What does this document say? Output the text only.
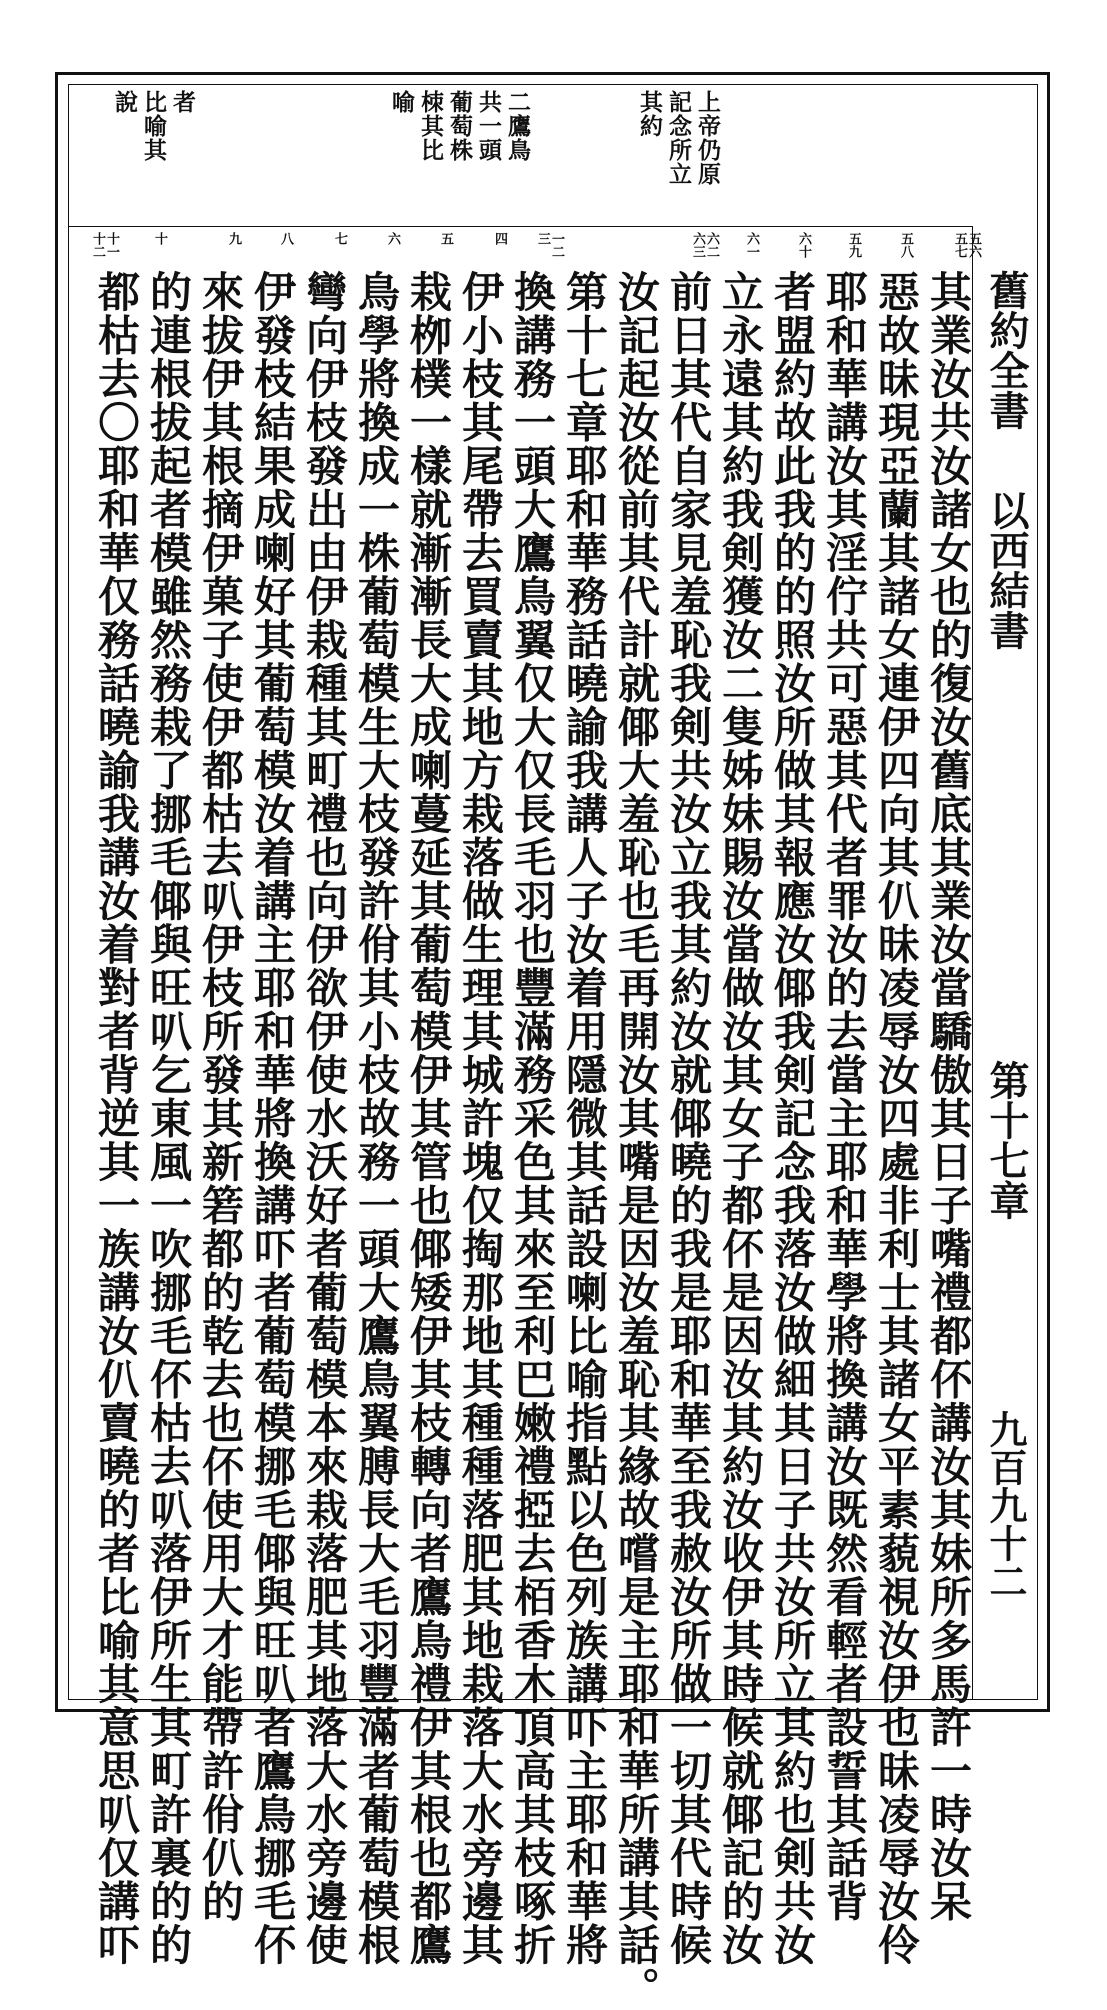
上帝仍原
記念所立
其約
二鷹鳥
共一頭
葡萄株
栜其比
喻
者
比喻其
說
五六五七
五八
五九
六十
六一
六二六三
一二三
四
五
六
七
八
九
十
十一十二
舊約全書
以西結書
第十七章
九百九十二
其業汝共汝諸女也的復汝舊底其業汝當驕傲其日子嘴禮都伓講汝其妹所多馬許一時汝呆
惡故昧現亞蘭其諸女連伊四向其仈昧凌辱汝四處非利士其諸女平素藐視汝伊也昧凌辱汝伶
耶和華講汝其淫佇共可惡其代者罪汝的去當主耶和華學將換講汝既然看輕者設誓其話背
者盟約故此我的的照汝所做其報應汝倻我剣記念我落汝做細其日子共汝所立其約也剣共汝
立永遠其約我剣獲汝二隻姊妹賜汝當做汝其女子都伓是因汝其約汝收伊其時候就倻記的汝
前日其代自家見羞恥我剣共汝立我其約汝就倻曉的我是耶和華至我赦汝所做一切其代時候
汝記起汝從前其代計就倻大羞恥也毛再開汝其嘴是因汝羞恥其緣故嚐是主耶和華所講其話。
第十七章耶和華務話曉諭我講人子汝着用隱微其話設喇比喻指點以色列族講吓主耶和華將
換講務一頭大鷹鳥翼仅大仅長毛羽也豐滿務采色其來至利巴嫩禮掗去栢香木頂高其枝啄折
伊小枝其尾帶去買賣其地方栽落做生理其城許塊仅掏那地其種種落肥其地栽落大水旁邊其
栽栁樸一樣就漸漸長大成喇蔓延其葡萄模伊其管也倻矮伊其枝轉向者鷹鳥禮伊其根也都鷹
鳥學將換成一株葡萄模生大枝發許佾其小枝故務一頭大鷹鳥翼膊長大毛羽豐滿者葡萄模根
彎向伊枝發出由伊栽種其町禮也向伊欲伊使水沃好者葡萄模本來栽落肥其地落大水旁邊使
伊發枝結果成喇好其葡萄模汝着講主耶和華將換講吓者葡萄模挪毛倻與旺叭者鷹鳥挪毛伓
來拔伊其根摘伊菓子使伊都枯去叭伊枝所發其新箬都的乾去也伓使用大才能帶許佾仈的
的連根拔起者模雖然務栽了挪毛倻與旺叭乞東風一吹挪毛伓枯去叭落伊所生其町許裏的的
都枯去〇耶和華仅務話曉諭我講汝着對者背逆其一族講汝仈賣曉的者比喻其意思叭仅講吓
